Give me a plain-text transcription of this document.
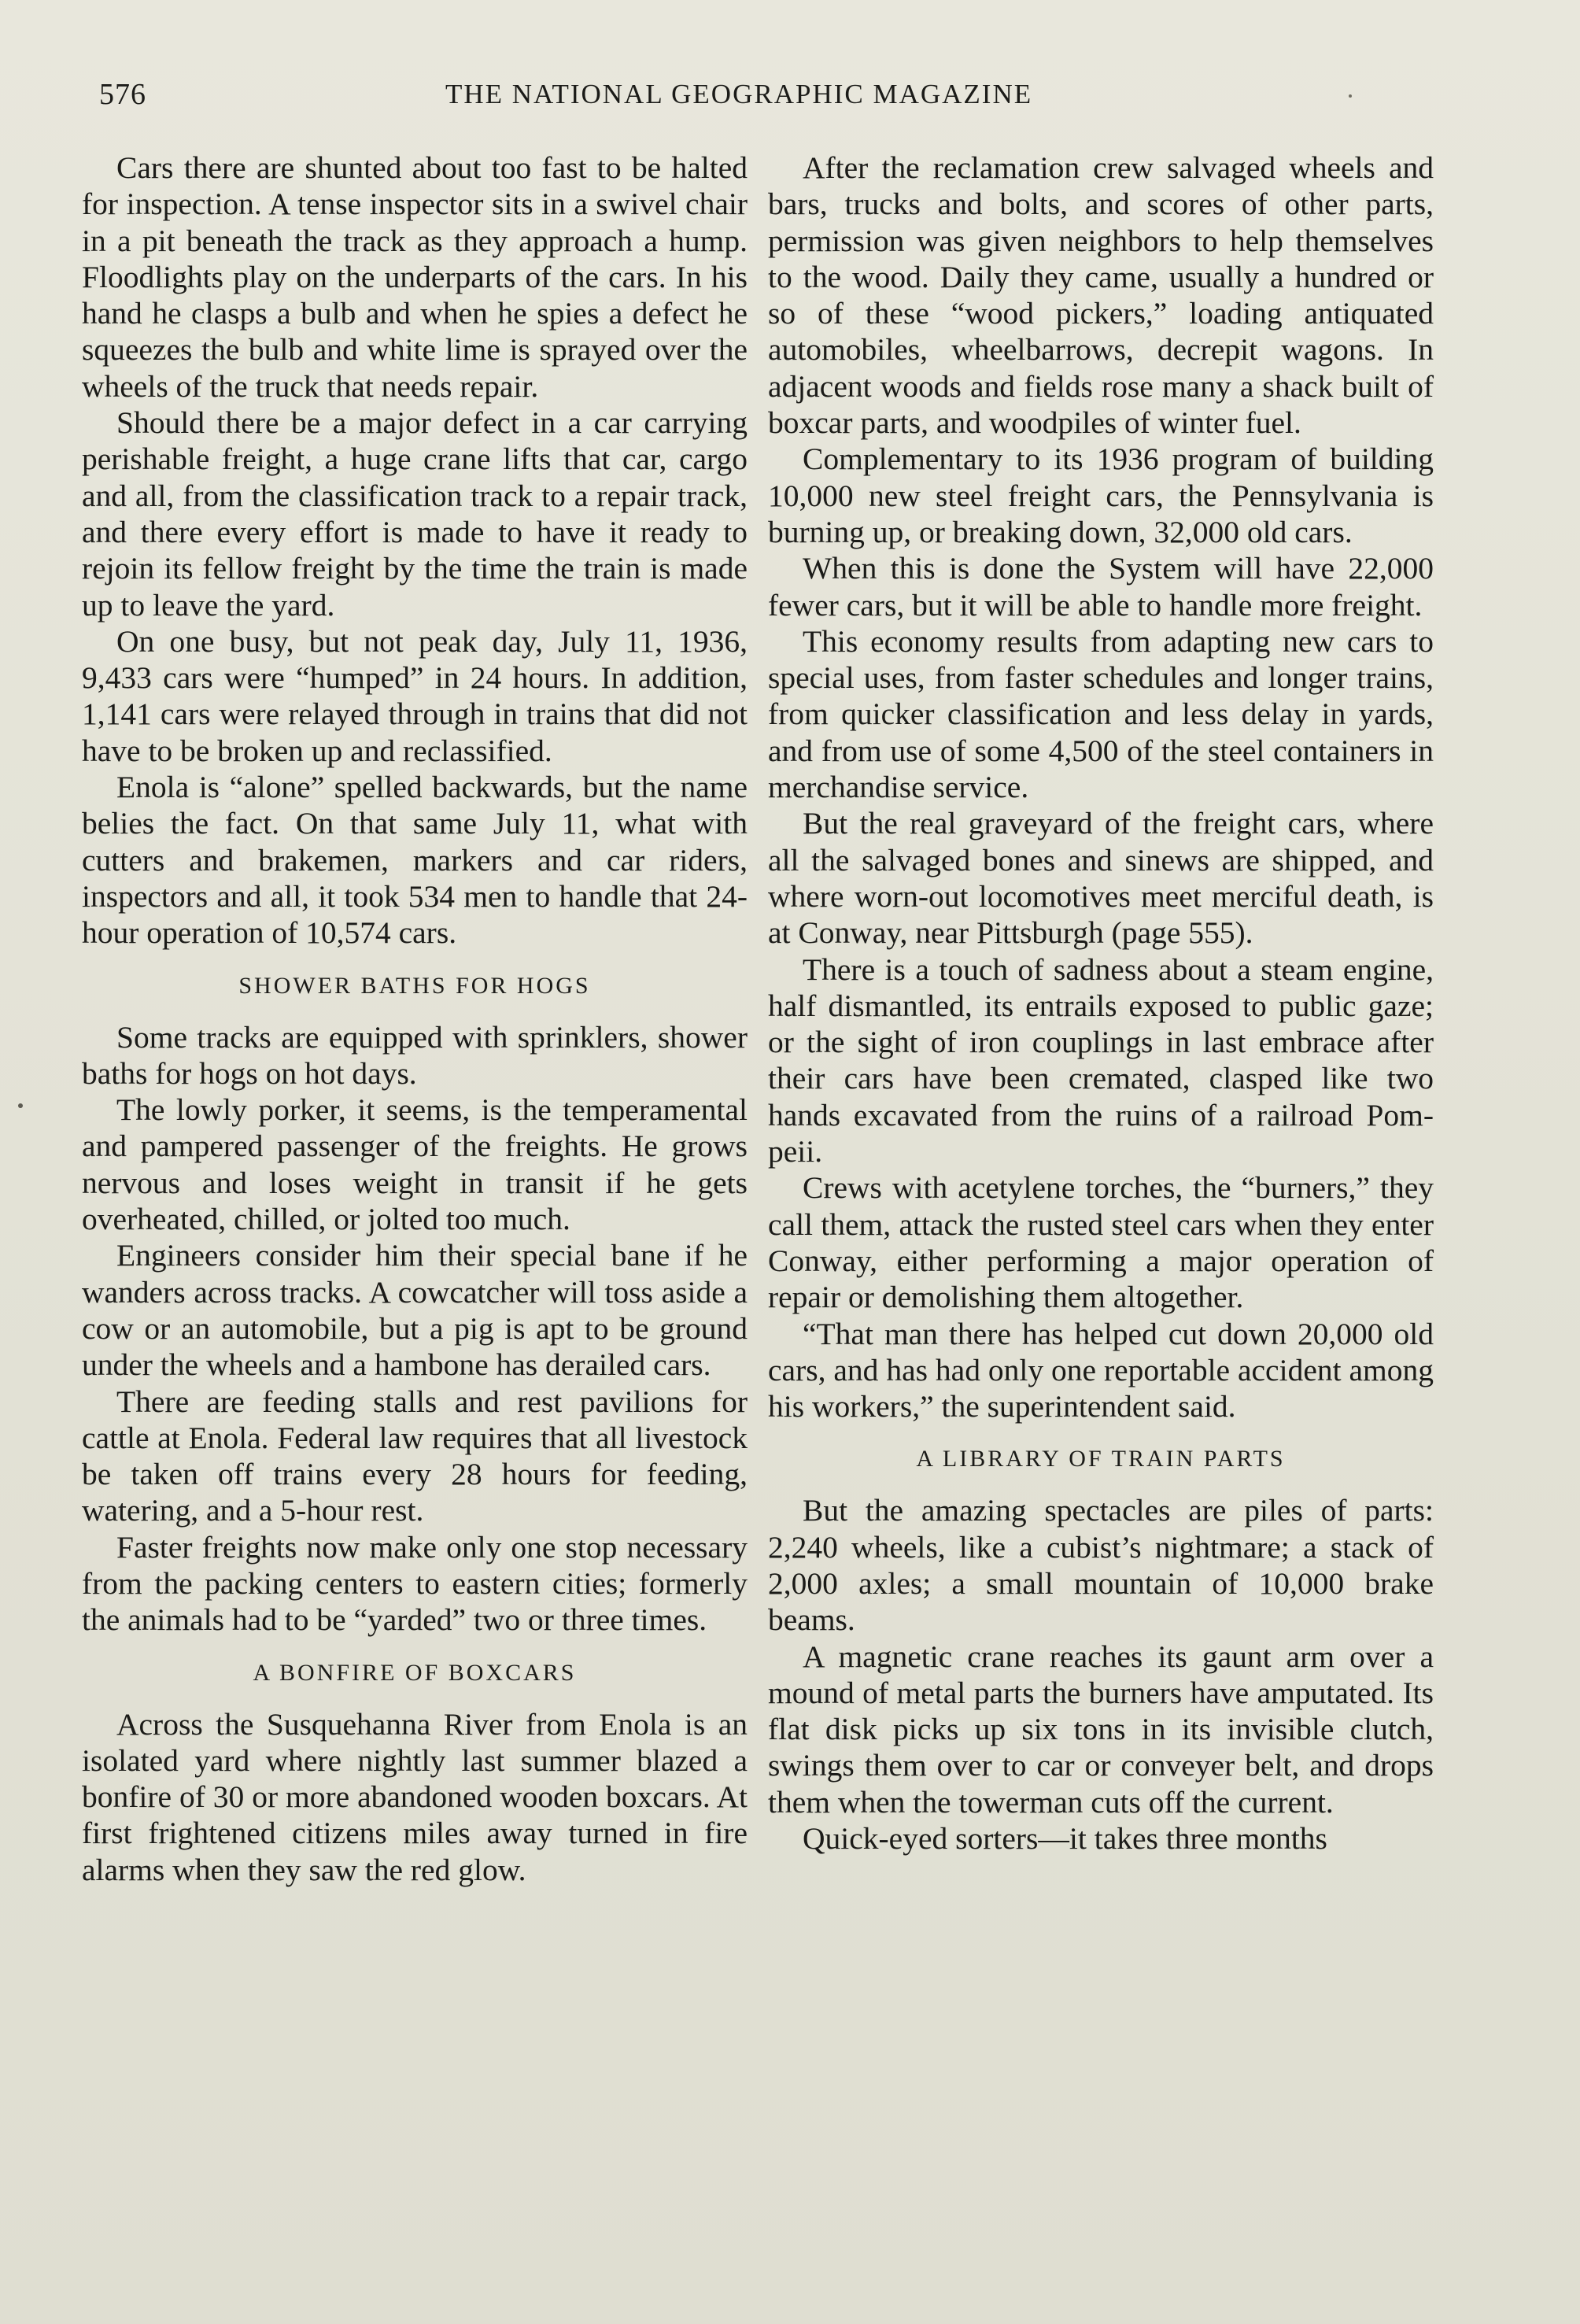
576	THE NATIONAL GEOGRAPHIC MAGAZINE

Cars there are shunted about too fast to be halted for inspection. A tense inspector sits in a swivel chair in a pit beneath the track as they approach a hump. Floodlights play on the underparts of the cars. In his hand he clasps a bulb and when he spies a defect he squeezes the bulb and white lime is sprayed over the wheels of the truck that needs repair.

Should there be a major defect in a car carrying perishable freight, a huge crane lifts that car, cargo and all, from the classification track to a repair track, and there every effort is made to have it ready to rejoin its fellow freight by the time the train is made up to leave the yard.

On one busy, but not peak day, July 11, 1936, 9,433 cars were “humped” in 24 hours. In addition, 1,141 cars were relayed through in trains that did not have to be broken up and reclassified.

Enola is “alone” spelled backwards, but the name belies the fact. On that same July 11, what with cutters and brakemen, markers and car riders, inspectors and all, it took 534 men to handle that 24-hour operation of 10,574 cars.

SHOWER BATHS FOR HOGS

Some tracks are equipped with sprinklers, shower baths for hogs on hot days.

The lowly porker, it seems, is the temperamental and pampered passenger of the freights. He grows nervous and loses weight in transit if he gets overheated, chilled, or jolted too much.

Engineers consider him their special bane if he wanders across tracks. A cowcatcher will toss aside a cow or an automobile, but a pig is apt to be ground under the wheels and a hambone has derailed cars.

There are feeding stalls and rest pavilions for cattle at Enola. Federal law requires that all livestock be taken off trains every 28 hours for feeding, watering, and a 5-hour rest.

Faster freights now make only one stop necessary from the packing centers to eastern cities; formerly the animals had to be “yarded” two or three times.

A BONFIRE OF BOXCARS

Across the Susquehanna River from Enola is an isolated yard where nightly last summer blazed a bonfire of 30 or more abandoned wooden boxcars. At first frightened citizens miles away turned in fire alarms when they saw the red glow.

After the reclamation crew salvaged wheels and bars, trucks and bolts, and scores of other parts, permission was given neighbors to help themselves to the wood. Daily they came, usually a hundred or so of these “wood pickers,” loading antiquated automobiles, wheelbarrows, decrepit wagons. In adjacent woods and fields rose many a shack built of boxcar parts, and woodpiles of winter fuel.

Complementary to its 1936 program of building 10,000 new steel freight cars, the Pennsylvania is burning up, or breaking down, 32,000 old cars.

When this is done the System will have 22,000 fewer cars, but it will be able to handle more freight.

This economy results from adapting new cars to special uses, from faster schedules and longer trains, from quicker classification and less delay in yards, and from use of some 4,500 of the steel containers in merchandise service.

But the real graveyard of the freight cars, where all the salvaged bones and sinews are shipped, and where worn-out locomotives meet merciful death, is at Conway, near Pittsburgh (page 555).

There is a touch of sadness about a steam engine, half dismantled, its entrails exposed to public gaze; or the sight of iron couplings in last embrace after their cars have been cremated, clasped like two hands excavated from the ruins of a railroad Pompeii.

Crews with acetylene torches, the “burners,” they call them, attack the rusted steel cars when they enter Conway, either performing a major operation of repair or demolishing them altogether.

“That man there has helped cut down 20,000 old cars, and has had only one reportable accident among his workers,” the superintendent said.

A LIBRARY OF TRAIN PARTS

But the amazing spectacles are piles of parts: 2,240 wheels, like a cubist’s nightmare; a stack of 2,000 axles; a small mountain of 10,000 brake beams.

A magnetic crane reaches its gaunt arm over a mound of metal parts the burners have amputated. Its flat disk picks up six tons in its invisible clutch, swings them over to car or conveyer belt, and drops them when the towerman cuts off the current.

Quick-eyed sorters—it takes three months
